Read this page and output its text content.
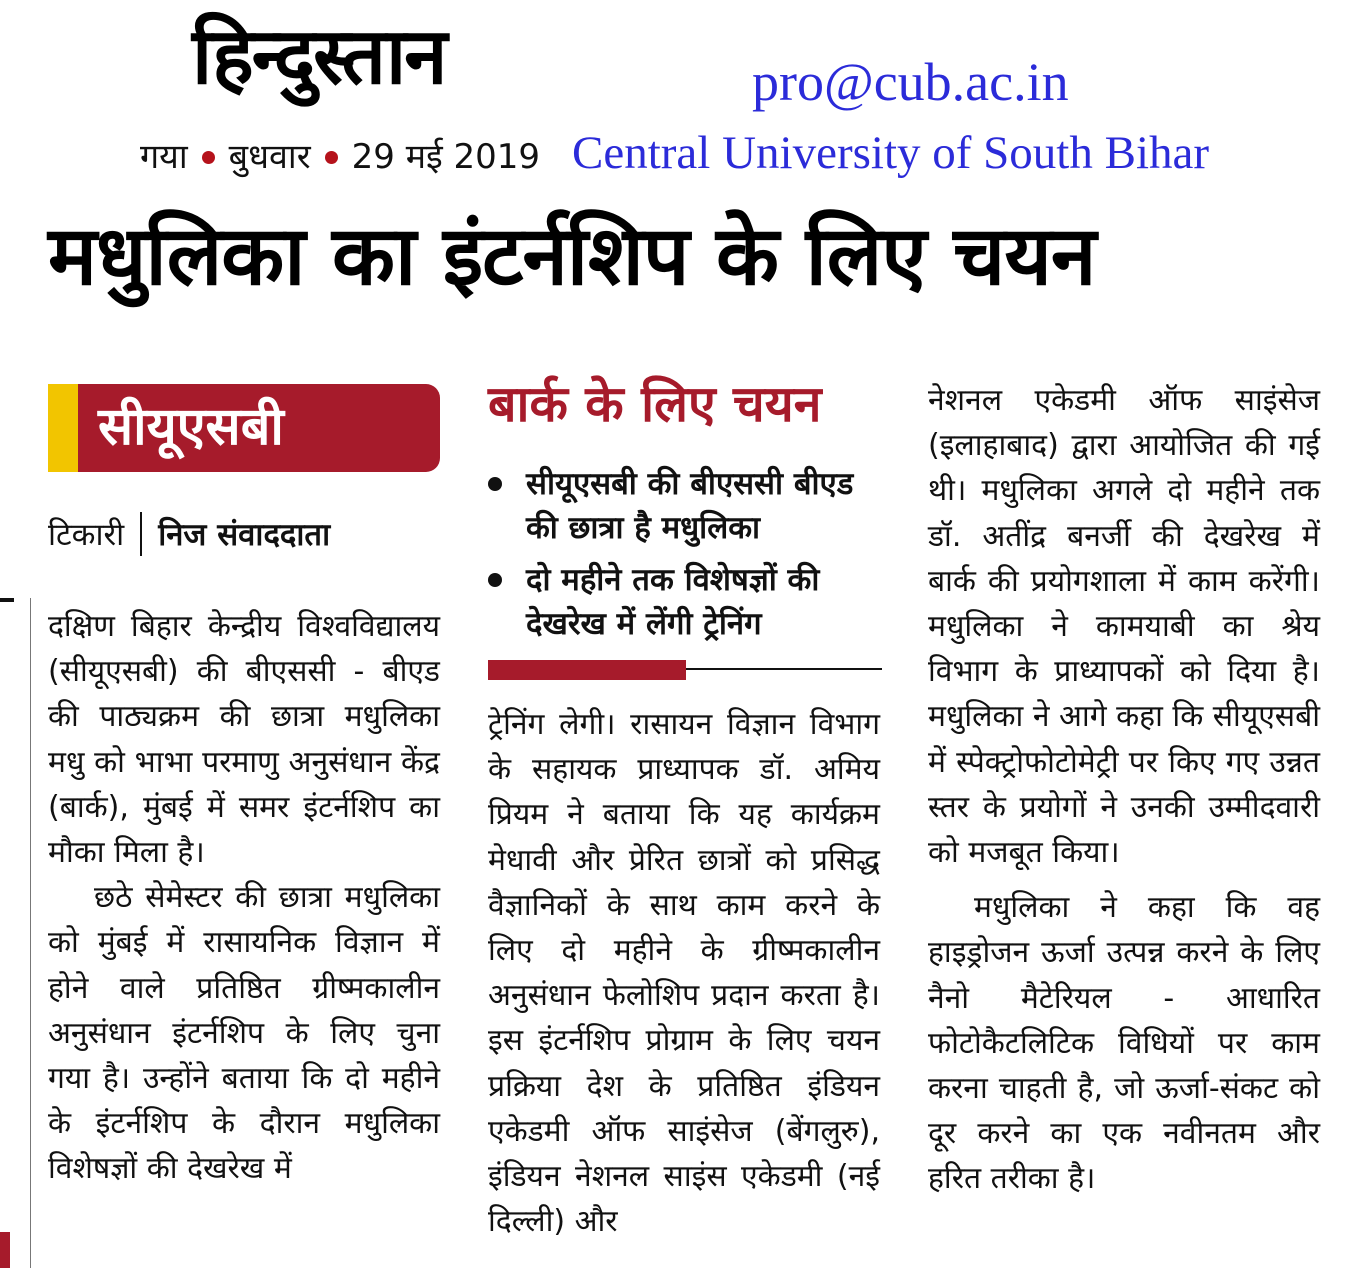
हिन्दुस्तान	pro@cub.ac.in
गया बुधवार 29 मई 2019 Central University of South Bihar
मधुलिका का इंटर्नशिप के लिए चयन
सीयूएसबी
टिकारी निज संवाददाता

दक्षिण बिहार केन्द्रीय विश्वविद्यालय (सीयूएसबी) की बीएससी - बीएड की पाठ्यक्रम की छात्रा मधुलिका मधु को भाभा परमाणु अनुसंधान केंद्र (बार्क), मुंबई में समर इंटर्नशिप का मौका मिला है।

छठे सेमेस्टर की छात्रा मधुलिका को मुंबई में रासायनिक विज्ञान में होने वाले प्रतिष्ठित ग्रीष्मकालीन अनुसंधान इंटर्नशिप के लिए चुना गया है। उन्होंने बताया कि दो महीने के इंटर्नशिप के दौरान मधुलिका विशेषज्ञों की देखरेख में

बार्क के लिए चयन
सीयूएसबी की बीएससी बीएड की छात्रा है मधुलिका
दो महीने तक विशेषज्ञों की देखरेख में लेंगी ट्रेनिंग

ट्रेनिंग लेगी। रासायन विज्ञान विभाग के सहायक प्राध्यापक डॉ. अमिय प्रियम ने बताया कि यह कार्यक्रम मेधावी और प्रेरित छात्रों को प्रसिद्ध वैज्ञानिकों के साथ काम करने के लिए दो महीने के ग्रीष्मकालीन अनुसंधान फेलोशिप प्रदान करता है। इस इंटर्नशिप प्रोग्राम के लिए चयन प्रक्रिया देश के प्रतिष्ठित इंडियन एकेडमी ऑफ साइंसेज (बेंगलुरु), इंडियन नेशनल साइंस एकेडमी (नई दिल्ली) और

नेशनल एकेडमी ऑफ साइंसेज (इलाहाबाद) द्वारा आयोजित की गई थी। मधुलिका अगले दो महीने तक डॉ. अतींद्र बनर्जी की देखरेख में बार्क की प्रयोगशाला में काम करेंगी। मधुलिका ने कामयाबी का श्रेय विभाग के प्राध्यापकों को दिया है। मधुलिका ने आगे कहा कि सीयूएसबी में स्पेक्ट्रोफोटोमेट्री पर किए गए उन्नत स्तर के प्रयोगों ने उनकी उम्मीदवारी को मजबूत किया।

मधुलिका ने कहा कि वह हाइड्रोजन ऊर्जा उत्पन्न करने के लिए नैनो मैटेरियल - आधारित फोटोकैटलिटिक विधियों पर काम करना चाहती है, जो ऊर्जा-संकट को दूर करने का एक नवीनतम और हरित तरीका है।
